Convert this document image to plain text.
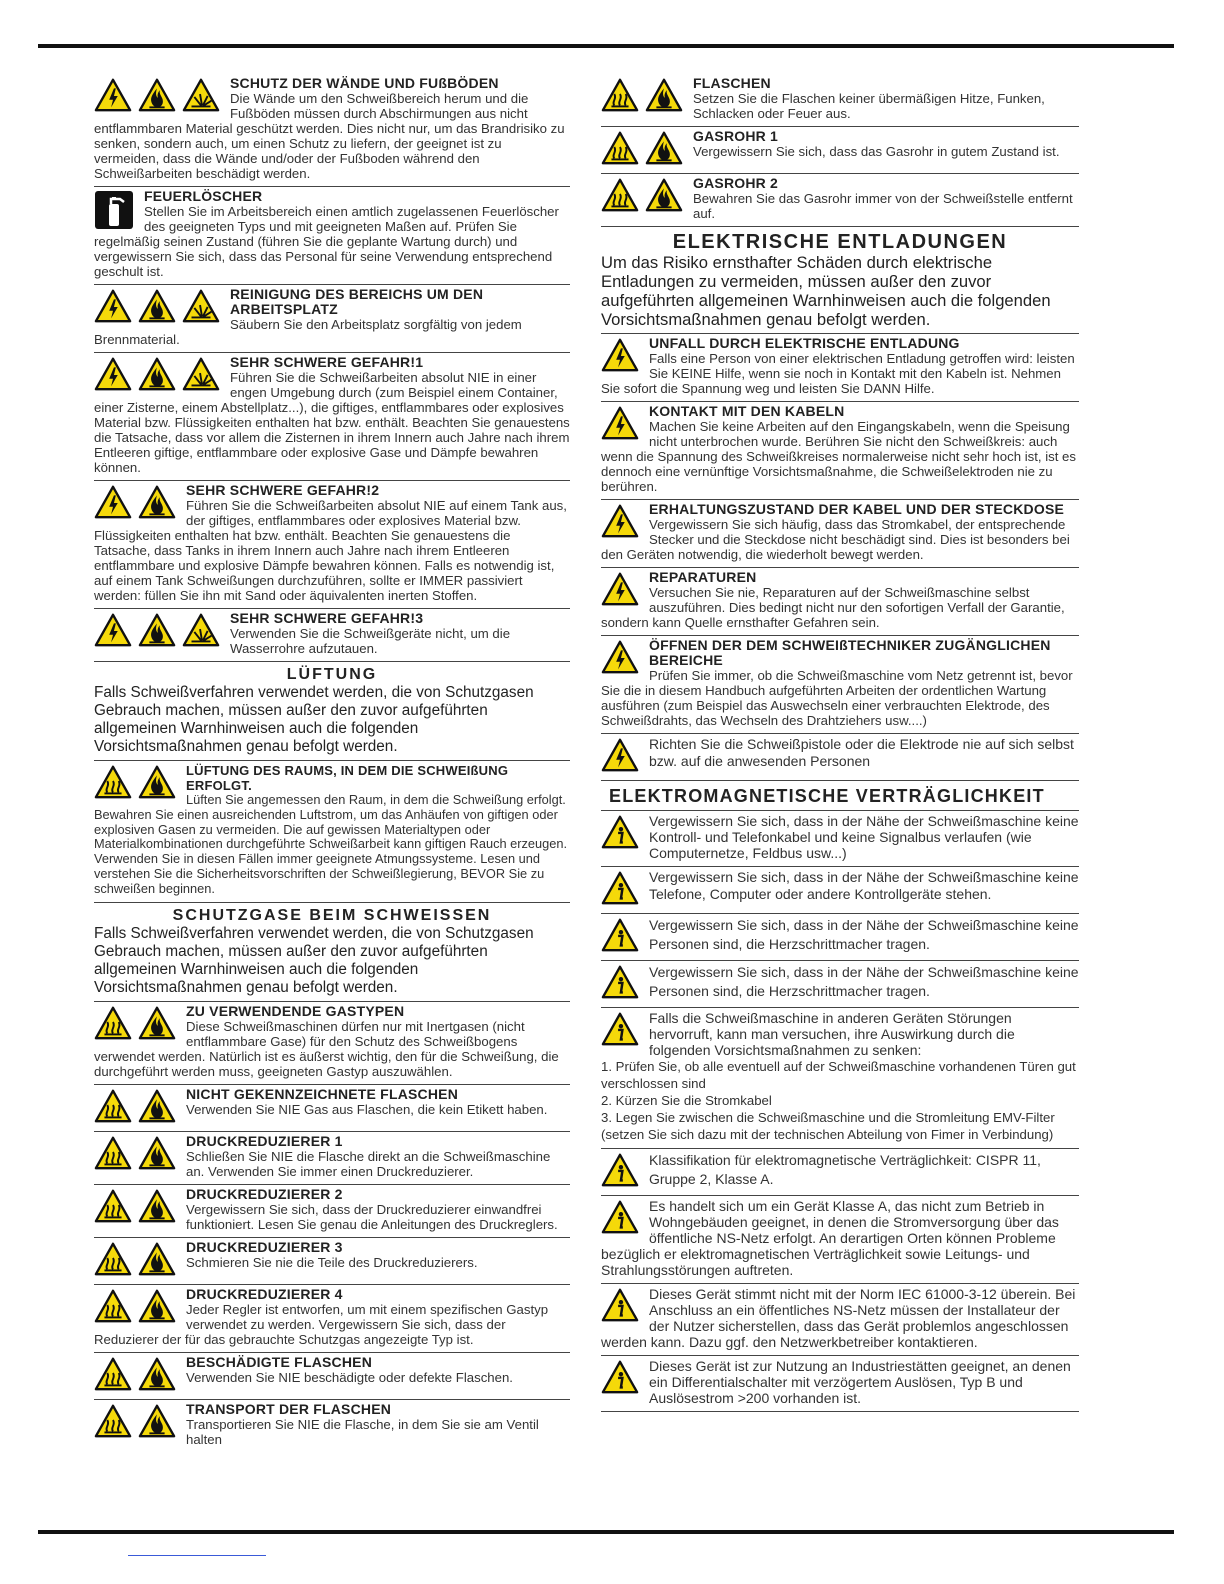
SCHUTZ DER WÄNDE UND FUßBÖDEN
Die Wände um den Schweißbereich herum und die Fußböden müssen durch Abschirmungen aus nicht entflammbaren Material geschützt werden. Dies nicht nur, um das Brandrisiko zu senken, sondern auch, um einen Schutz zu liefern, der geeignet ist zu vermeiden, dass die Wände und/oder der Fußboden während den Schweißarbeiten beschädigt werden.
FEUERLÖSCHER
Stellen Sie im Arbeitsbereich einen amtlich zugelassenen Feuerlöscher des geeigneten Typs und mit geeigneten Maßen auf. Prüfen Sie regelmäßig seinen Zustand (führen Sie die geplante Wartung durch) und vergewissern Sie sich, dass das Personal für seine Verwendung entsprechend geschult ist.
REINIGUNG DES BEREICHS UM DEN ARBEITSPLATZ
Säubern Sie den Arbeitsplatz sorgfältig von jedem Brennmaterial.
SEHR SCHWERE GEFAHR!1
Führen Sie die Schweißarbeiten absolut NIE in einer engen Umgebung durch (zum Beispiel einem Container, einer Zisterne, einem Abstellplatz...), die giftiges, entflammbares oder explosives Material bzw. Flüssigkeiten enthalten hat bzw. enthält. Beachten Sie genauestens die Tatsache, dass vor allem die Zisternen in ihrem Innern auch Jahre nach ihrem Entleeren giftige, entflammbare oder explosive Gase und Dämpfe bewahren können.
SEHR SCHWERE GEFAHR!2
Führen Sie die Schweißarbeiten absolut NIE auf einem Tank aus, der giftiges, entflammbares oder explosives Material bzw. Flüssigkeiten enthalten hat bzw. enthält. Beachten Sie genauestens die Tatsache, dass Tanks in ihrem Innern auch Jahre nach ihrem Entleeren entflammbare und explosive Dämpfe bewahren können. Falls es notwendig ist, auf einem Tank Schweißungen durchzuführen, sollte er IMMER passiviert werden: füllen Sie ihn mit Sand oder äquivalenten inerten Stoffen.
SEHR SCHWERE GEFAHR!3
Verwenden Sie die Schweißgeräte nicht, um die Wasserrohre aufzutauen.
LÜFTUNG
Falls Schweißverfahren verwendet werden, die von Schutzgasen Gebrauch machen, müssen außer den zuvor aufgeführten allgemeinen Warnhinweisen auch die folgenden Vorsichtsmaßnahmen genau befolgt werden.
LÜFTUNG DES RAUMS, IN DEM DIE SCHWEIßUNG ERFOLGT.
Lüften Sie angemessen den Raum, in dem die Schweißung erfolgt. Bewahren Sie einen ausreichenden Luftstrom, um das Anhäufen von giftigen oder explosiven Gasen zu vermeiden. Die auf gewissen Materialtypen oder Materialkombinationen durchgeführte Schweißarbeit kann giftigen Rauch erzeugen. Verwenden Sie in diesen Fällen immer geeignete Atmungssysteme. Lesen und verstehen Sie die Sicherheitsvorschriften der Schweißlegierung, BEVOR Sie zu schweißen beginnen.
SCHUTZGASE BEIM SCHWEISSEN
Falls Schweißverfahren verwendet werden, die von Schutzgasen Gebrauch machen, müssen außer den zuvor aufgeführten allgemeinen Warnhinweisen auch die folgenden Vorsichtsmaßnahmen genau befolgt werden.
ZU VERWENDENDE GASTYPEN
Diese Schweißmaschinen dürfen nur mit Inertgasen (nicht entflammbare Gase) für den Schutz des Schweißbogens verwendet werden. Natürlich ist es äußerst wichtig, den für die Schweißung, die durchgeführt werden muss, geeigneten Gastyp auszuwählen.
NICHT GEKENNZEICHNETE FLASCHEN
Verwenden Sie NIE Gas aus Flaschen, die kein Etikett haben.
DRUCKREDUZIERER 1
Schließen Sie NIE die Flasche direkt an die Schweißmaschine an. Verwenden Sie immer einen Druckreduzierer.
DRUCKREDUZIERER 2
Vergewissern Sie sich, dass der Druckreduzierer einwandfrei funktioniert. Lesen Sie genau die Anleitungen des Druckreglers.
DRUCKREDUZIERER 3
Schmieren Sie nie die Teile des Druckreduzierers.
DRUCKREDUZIERER 4
Jeder Regler ist entworfen, um mit einem spezifischen Gastyp verwendet zu werden. Vergewissern Sie sich, dass der Reduzierer der für das gebrauchte Schutzgas angezeigte Typ ist.
BESCHÄDIGTE FLASCHEN
Verwenden Sie NIE beschädigte oder defekte Flaschen.
TRANSPORT DER FLASCHEN
Transportieren Sie NIE die Flasche, in dem Sie sie am Ventil halten
FLASCHEN
Setzen Sie die Flaschen keiner übermäßigen Hitze, Funken, Schlacken oder Feuer aus.
GASROHR 1
Vergewissern Sie sich, dass das Gasrohr in gutem Zustand ist.
GASROHR 2
Bewahren Sie das Gasrohr immer von der Schweißstelle entfernt auf.
ELEKTRISCHE ENTLADUNGEN
Um das Risiko ernsthafter Schäden durch elektrische Entladungen zu vermeiden, müssen außer den zuvor aufgeführten allgemeinen Warnhinweisen auch die folgenden Vorsichtsmaßnahmen genau befolgt werden.
UNFALL DURCH ELEKTRISCHE ENTLADUNG
Falls eine Person von einer elektrischen Entladung getroffen wird: leisten Sie KEINE Hilfe, wenn sie noch in Kontakt mit den Kabeln ist. Nehmen Sie sofort die Spannung weg und leisten Sie DANN Hilfe.
KONTAKT MIT DEN KABELN
Machen Sie keine Arbeiten auf den Eingangskabeln, wenn die Speisung nicht unterbrochen wurde. Berühren Sie nicht den Schweißkreis: auch wenn die Spannung des Schweißkreises normalerweise nicht sehr hoch ist, ist es dennoch eine vernünftige Vorsichtsmaßnahme, die Schweißelektroden nie zu berühren.
ERHALTUNGSZUSTAND DER KABEL UND DER STECKDOSE
Vergewissern Sie sich häufig, dass das Stromkabel, der entsprechende Stecker und die Steckdose nicht beschädigt sind. Dies ist besonders bei den Geräten notwendig, die wiederholt bewegt werden.
REPARATUREN
Versuchen Sie nie, Reparaturen auf der Schweißmaschine selbst auszuführen. Dies bedingt nicht nur den sofortigen Verfall der Garantie, sondern kann Quelle ernsthafter Gefahren sein.
ÖFFNEN DER DEM SCHWEIßTECHNIKER ZUGÄNGLICHEN BEREICHE
Prüfen Sie immer, ob die Schweißmaschine vom Netz getrennt ist, bevor Sie die in diesem Handbuch aufgeführten Arbeiten der ordentlichen Wartung ausführen (zum Beispiel das Auswechseln einer verbrauchten Elektrode, des Schweißdrahts, das Wechseln des Drahtziehers usw....)
Richten Sie die Schweißpistole oder die Elektrode nie auf sich selbst bzw. auf die anwesenden Personen
ELEKTROMAGNETISCHE VERTRÄGLICHKEIT
Vergewissern Sie sich, dass in der Nähe der Schweißmaschine keine Kontroll- und Telefonkabel und keine Signalbus verlaufen (wie Computernetze, Feldbus usw...)
Vergewissern Sie sich, dass in der Nähe der Schweißmaschine keine Telefone, Computer oder andere Kontrollgeräte stehen.
Vergewissern Sie sich, dass in der Nähe der Schweißmaschine keine Personen sind, die Herzschrittmacher tragen.
Vergewissern Sie sich, dass in der Nähe der Schweißmaschine keine Personen sind, die Herzschrittmacher tragen.
Falls die Schweißmaschine in anderen Geräten Störungen hervorruft, kann man versuchen, ihre Auswirkung durch die folgenden Vorsichtsmaßnahmen zu senken:
1. Prüfen Sie, ob alle eventuell auf der Schweißmaschine vorhandenen Türen gut verschlossen sind
2. Kürzen Sie die Stromkabel
3. Legen Sie zwischen die Schweißmaschine und die Stromleitung EMV-Filter (setzen Sie sich dazu mit der technischen Abteilung von Fimer in Verbindung)
Klassifikation für elektromagnetische Verträglichkeit: CISPR 11, Gruppe 2, Klasse A.
Es handelt sich um ein Gerät Klasse A, das nicht zum Betrieb in Wohngebäuden geeignet, in denen die Stromversorgung über das öffentliche NS-Netz erfolgt. An derartigen Orten können Probleme bezüglich er elektromagnetischen Verträglichkeit sowie Leitungs- und Strahlungsstörungen auftreten.
Dieses Gerät stimmt nicht mit der Norm IEC 61000-3-12 überein. Bei Anschluss an ein öffentliches NS-Netz müssen der Installateur der der Nutzer sicherstellen, dass das Gerät problemlos angeschlossen werden kann. Dazu ggf. den Netzwerkbetreiber kontaktieren.
Dieses Gerät ist zur Nutzung an Industriestätten geeignet, an denen ein Differentialschalter mit verzögertem Auslösen, Typ B und Auslösestrom >200 vorhanden ist.
